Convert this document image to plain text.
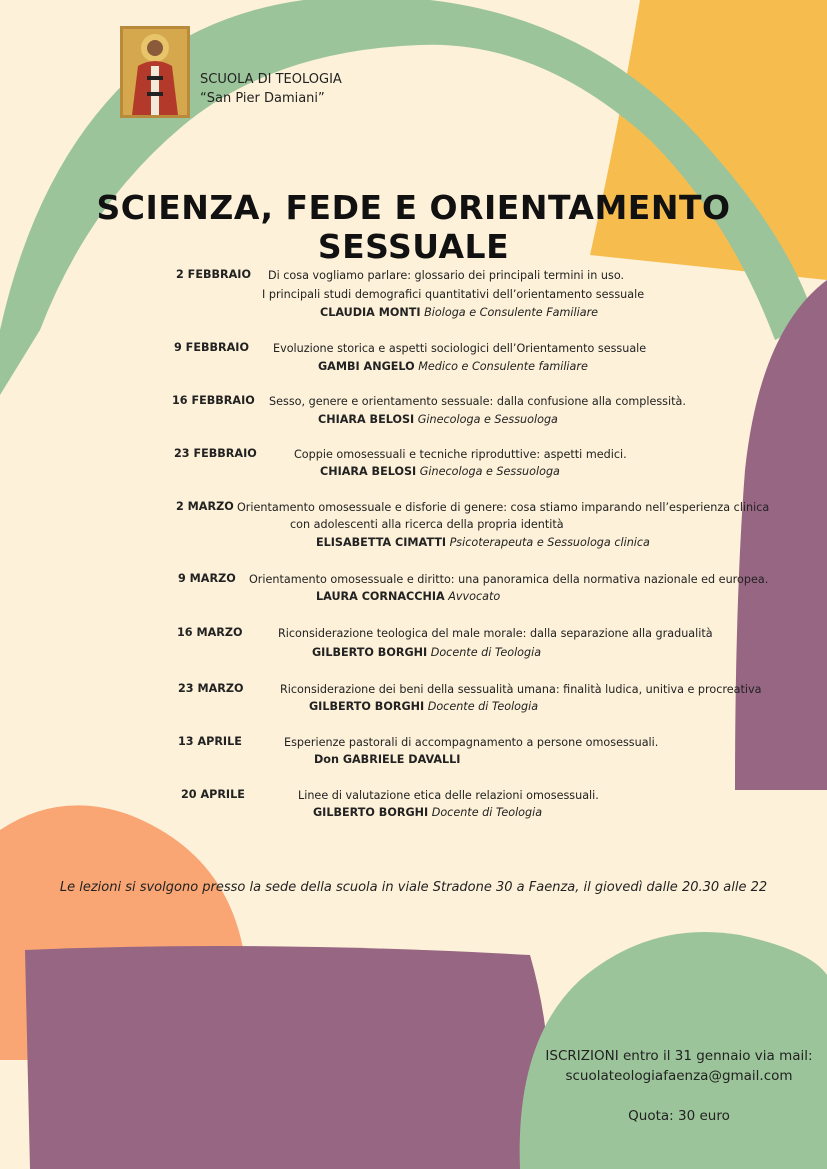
SCUOLA DI TEOLOGIA
“San Pier Damiani”
SCIENZA, FEDE E ORIENTAMENTO SESSUALE
2 FEBBRAIO Di cosa vogliamo parlare: glossario dei principali termini in uso.
I principali studi demografici quantitativi dell’orientamento sessuale
CLAUDIA MONTI Biologa e Consulente Familiare
9 FEBBRAIO Evoluzione storica e aspetti sociologici dell’Orientamento sessuale
GAMBI ANGELO Medico e Consulente familiare
16 FEBBRAIO Sesso, genere e orientamento sessuale: dalla confusione alla complessità.
CHIARA BELOSI Ginecologa e Sessuologa
23 FEBBRAIO	Coppie omosessuali e tecniche riproduttive: aspetti medici.
CHIARA BELOSI Ginecologa e Sessuologa
2 MARZO Orientamento omosessuale e disforie di genere: cosa stiamo imparando nell’esperienza clinica
con adolescenti alla ricerca della propria identità
ELISABETTA CIMATTI Psicoterapeuta e Sessuologa clinica
9 MARZO Orientamento omosessuale e diritto: una panoramica della normativa nazionale ed europea.
LAURA CORNACCHIA Avvocato
16 MARZO	Riconsiderazione teologica del male morale: dalla separazione alla gradualità
GILBERTO BORGHI Docente di Teologia
23 MARZO	Riconsiderazione dei beni della sessualità umana: finalità ludica, unitiva e procreativa
GILBERTO BORGHI Docente di Teologia
13 APRILE	Esperienze pastorali di accompagnamento a persone omosessuali.
Don GABRIELE DAVALLI
20 APRILE	Linee di valutazione etica delle relazioni omosessuali.
GILBERTO BORGHI Docente di Teologia
Le lezioni si svolgono presso la sede della scuola in viale Stradone 30 a Faenza, il giovedì dalle 20.30 alle 22
ISCRIZIONI entro il 31 gennaio via mail:
scuolateologiafaenza@gmail.com
Quota: 30 euro
